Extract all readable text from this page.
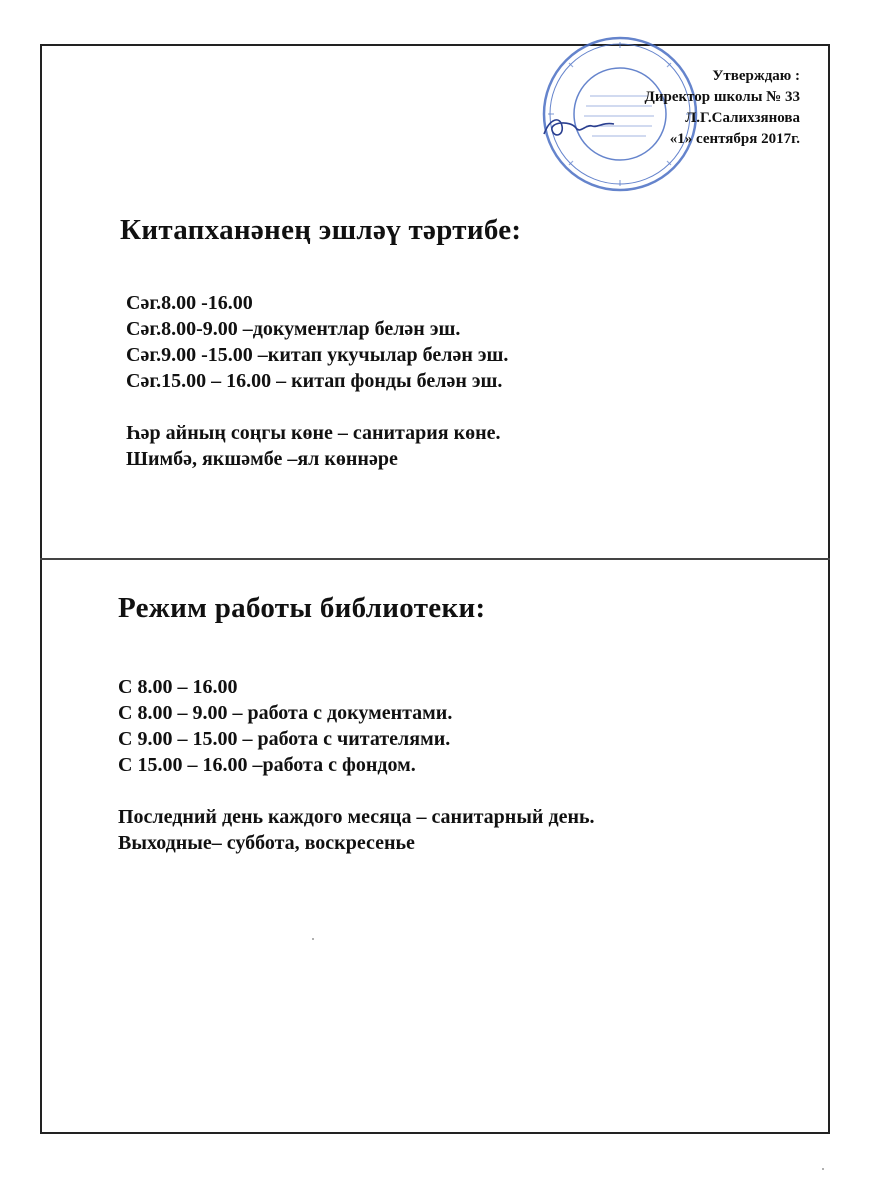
Утверждаю :
Директор школы № 33
Л.Г.Салихзянова
«1» сентября 2017г.
Китапханәнең эшләү тәртибе:
Сәг.8.00 -16.00
Сәг.8.00-9.00 –документлар белән эш.
Сәг.9.00 -15.00 –китап укучылар белән эш.
Сәг.15.00 – 16.00 – китап фонды белән эш.
Һәр айның соңгы көне – санитария көне.
Шимбә, якшәмбе –ял көннәре
Режим работы библиотеки:
С 8.00 – 16.00
С 8.00 – 9.00 – работа с документами.
С 9.00 – 15.00 – работа с читателями.
С 15.00 – 16.00 –работа с фондом.
Последний день каждого месяца – санитарный день.
Выходные– суббота, воскресенье
